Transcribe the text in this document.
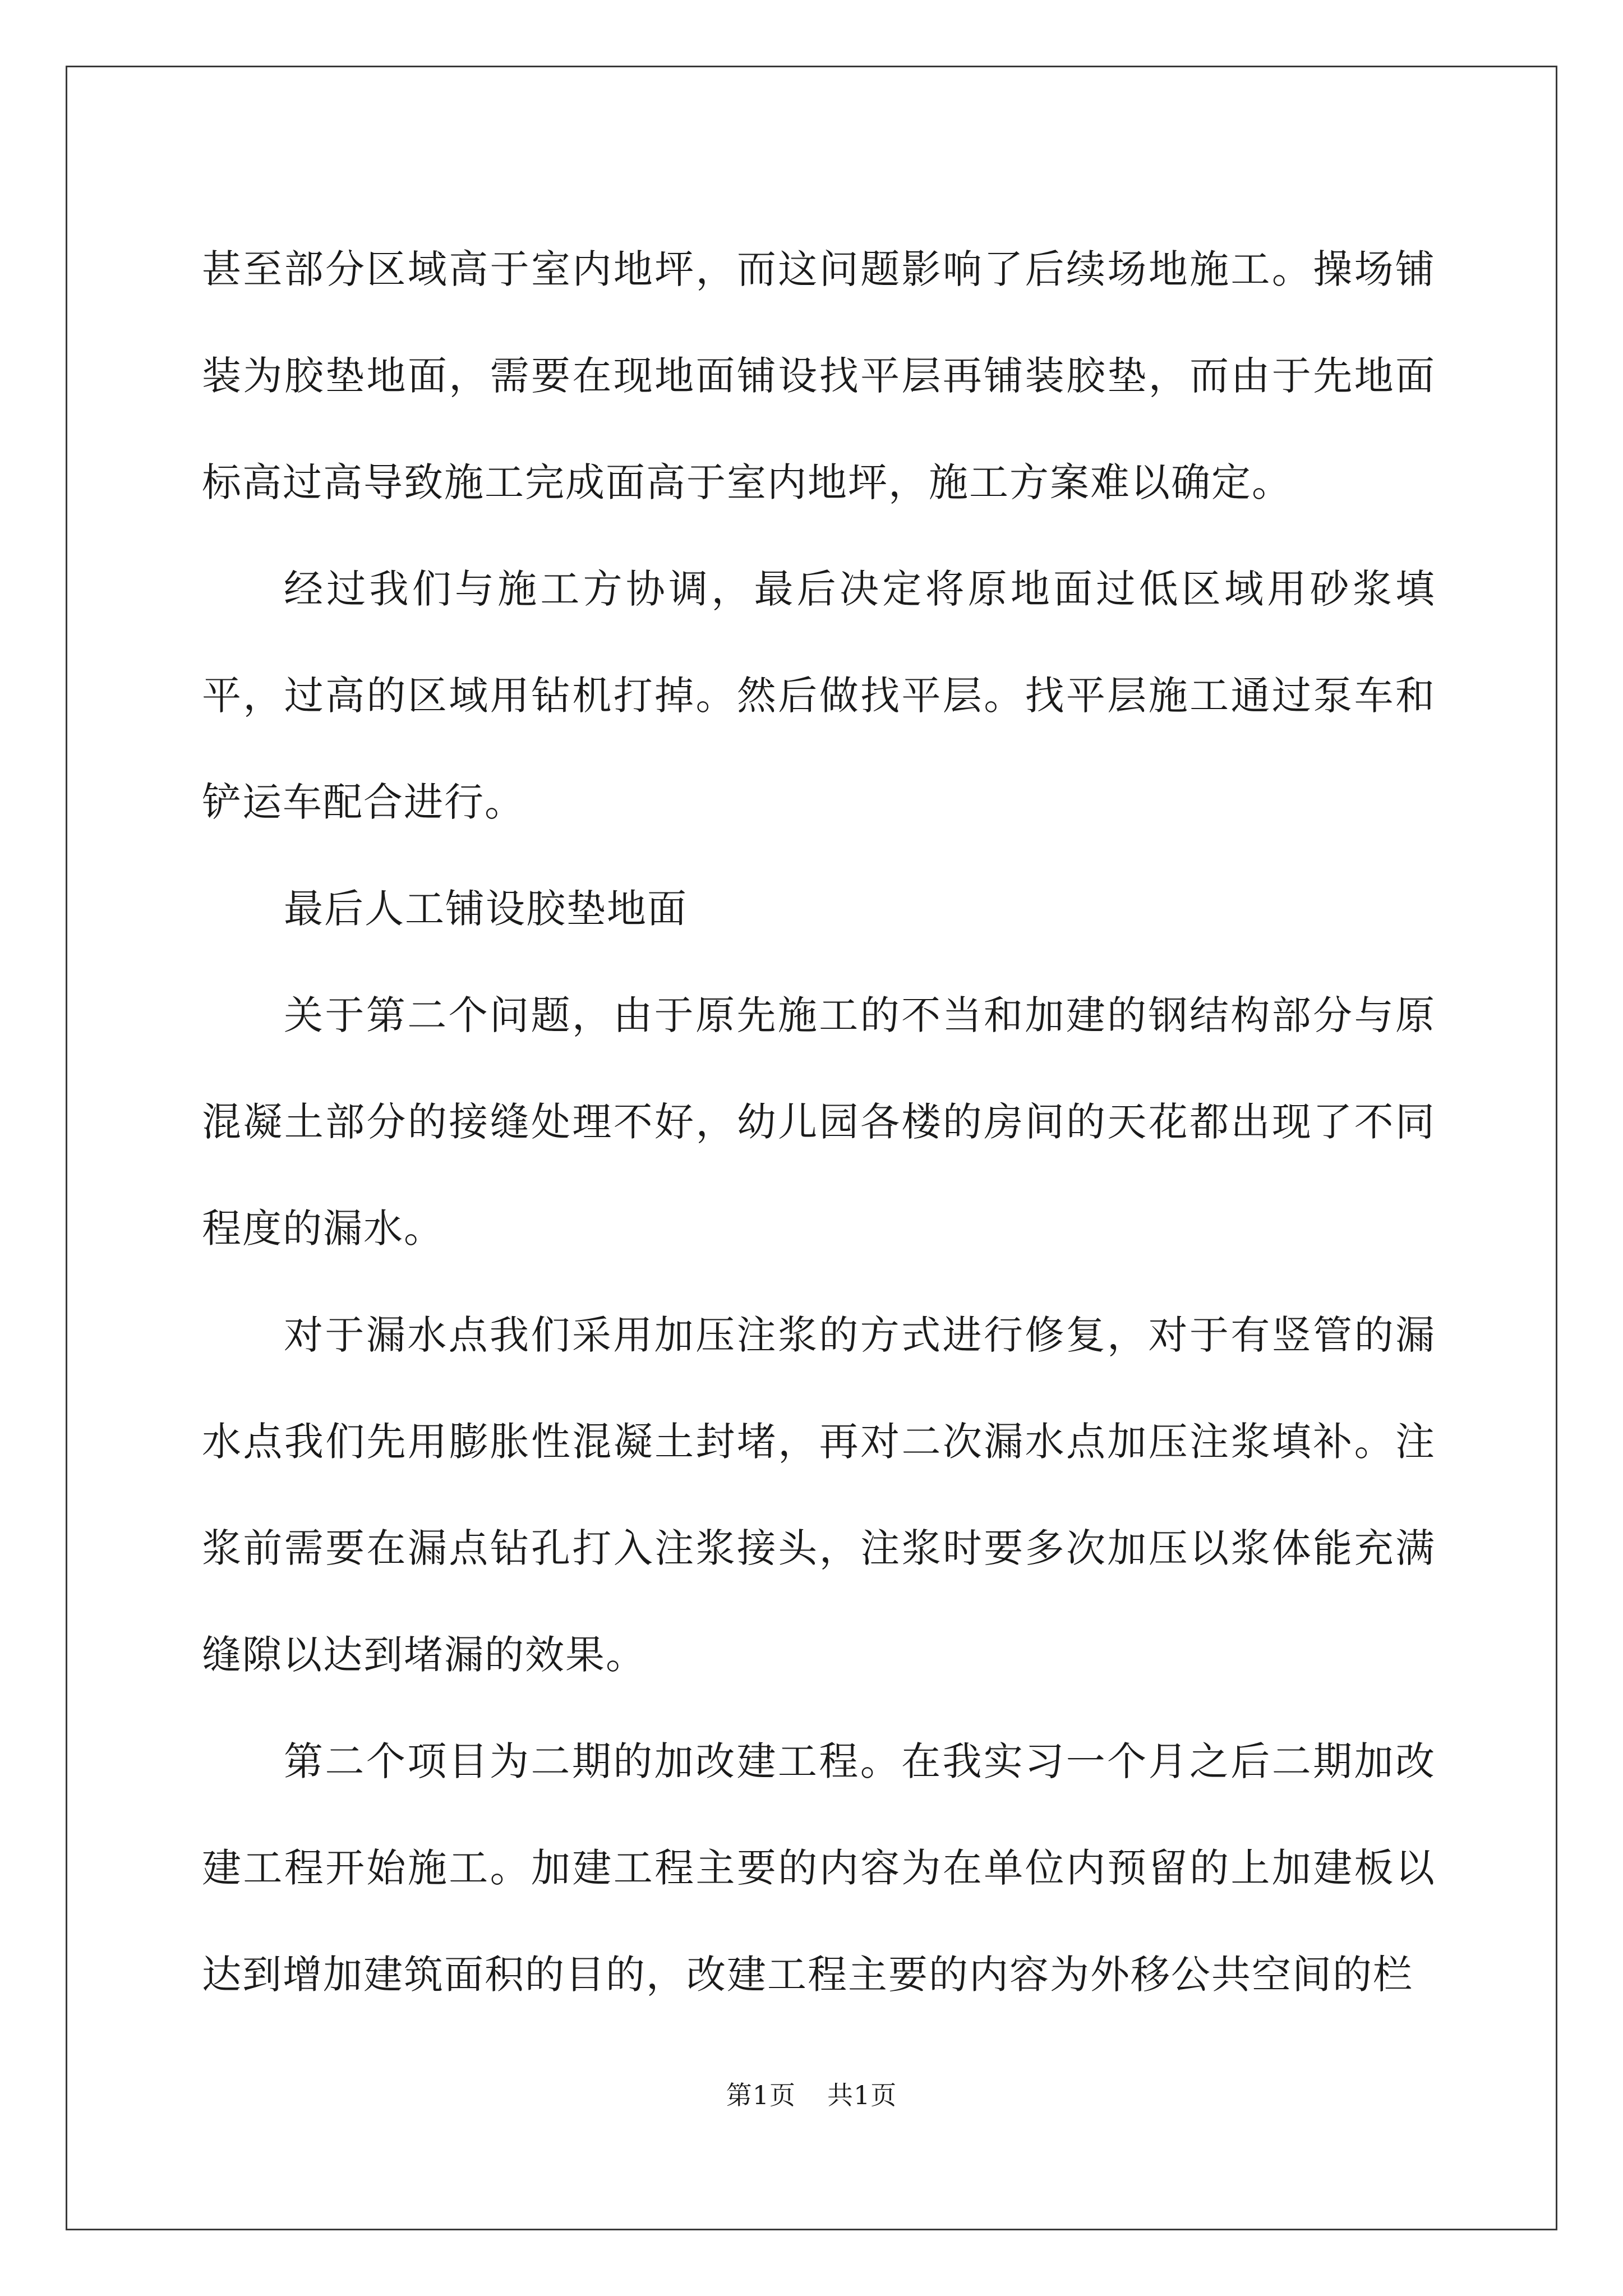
甚至部分区域高于室内地坪，而这问题影响了后续场地施工。操场铺装为胶垫地面，需要在现地面铺设找平层再铺装胶垫，而由于先地面标高过高导致施工完成面高于室内地坪，施工方案难以确定。

经过我们与施工方协调，最后决定将原地面过低区域用砂浆填平，过高的区域用钻机打掉。然后做找平层。找平层施工通过泵车和铲运车配合进行。

最后人工铺设胶垫地面

关于第二个问题，由于原先施工的不当和加建的钢结构部分与原混凝土部分的接缝处理不好，幼儿园各楼的房间的天花都出现了不同程度的漏水。

对于漏水点我们采用加压注浆的方式进行修复，对于有竖管的漏水点我们先用膨胀性混凝土封堵，再对二次漏水点加压注浆填补。注浆前需要在漏点钻孔打入注浆接头，注浆时要多次加压以浆体能充满缝隙以达到堵漏的效果。

第二个项目为二期的加改建工程。在我实习一个月之后二期加改建工程开始施工。加建工程主要的内容为在单位内预留的上加建板以达到增加建筑面积的目的，改建工程主要的内容为外移公共空间的栏

第1页 共1页
